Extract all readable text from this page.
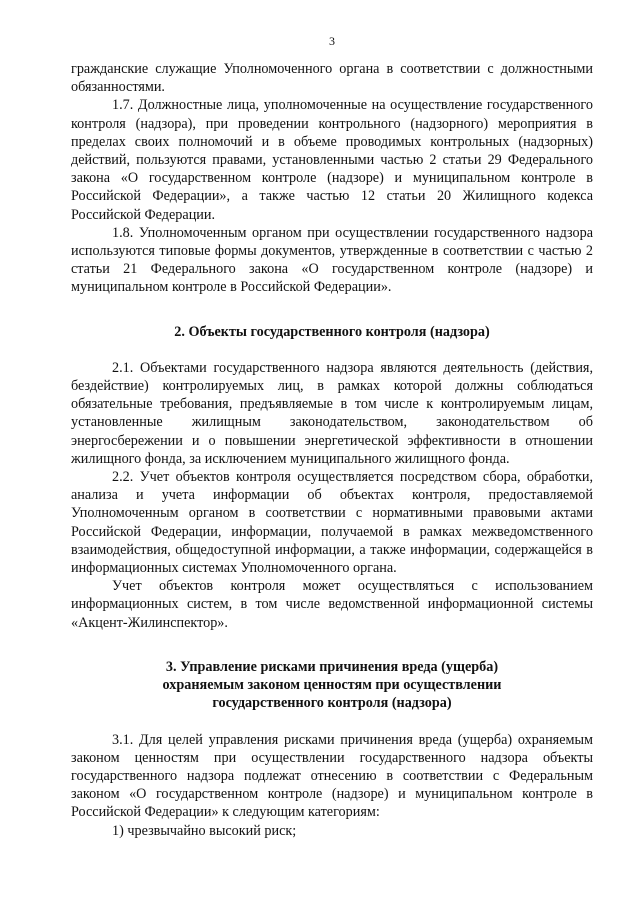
3

гражданские служащие Уполномоченного органа в соответствии с должностными обязанностями.

1.7. Должностные лица, уполномоченные на осуществление государственного контроля (надзора), при проведении контрольного (надзорного) мероприятия в пределах своих полномочий и в объеме проводимых контрольных (надзорных) действий, пользуются правами, установленными частью 2 статьи 29 Федерального закона «О государственном контроле (надзоре) и муниципальном контроле в Российской Федерации», а также частью 12 статьи 20 Жилищного кодекса Российской Федерации.

1.8. Уполномоченным органом при осуществлении государственного надзора используются типовые формы документов, утвержденные в соответствии с частью 2 статьи 21 Федерального закона «О государственном контроле (надзоре) и муниципальном контроле в Российской Федерации».

2. Объекты государственного контроля (надзора)

2.1. Объектами государственного надзора являются деятельность (действия, бездействие) контролируемых лиц, в рамках которой должны соблюдаться обязательные требования, предъявляемые в том числе к контролируемым лицам, установленные жилищным законодательством, законодательством об энергосбережении и о повышении энергетической эффективности в отношении жилищного фонда, за исключением муниципального жилищного фонда.

2.2. Учет объектов контроля осуществляется посредством сбора, обработки, анализа и учета информации об объектах контроля, предоставляемой Уполномоченным органом в соответствии с нормативными правовыми актами Российской Федерации, информации, получаемой в рамках межведомственного взаимодействия, общедоступной информации, а также информации, содержащейся в информационных системах Уполномоченного органа.

Учет объектов контроля может осуществляться с использованием информационных систем, в том числе ведомственной информационной системы «Акцент-Жилинспектор».

3. Управление рисками причинения вреда (ущерба)
охраняемым законом ценностям при осуществлении
государственного контроля (надзора)

3.1. Для целей управления рисками причинения вреда (ущерба) охраняемым законом ценностям при осуществлении государственного надзора объекты государственного надзора подлежат отнесению в соответствии с Федеральным законом «О государственном контроле (надзоре) и муниципальном контроле в Российской Федерации» к следующим категориям:

1) чрезвычайно высокий риск;
